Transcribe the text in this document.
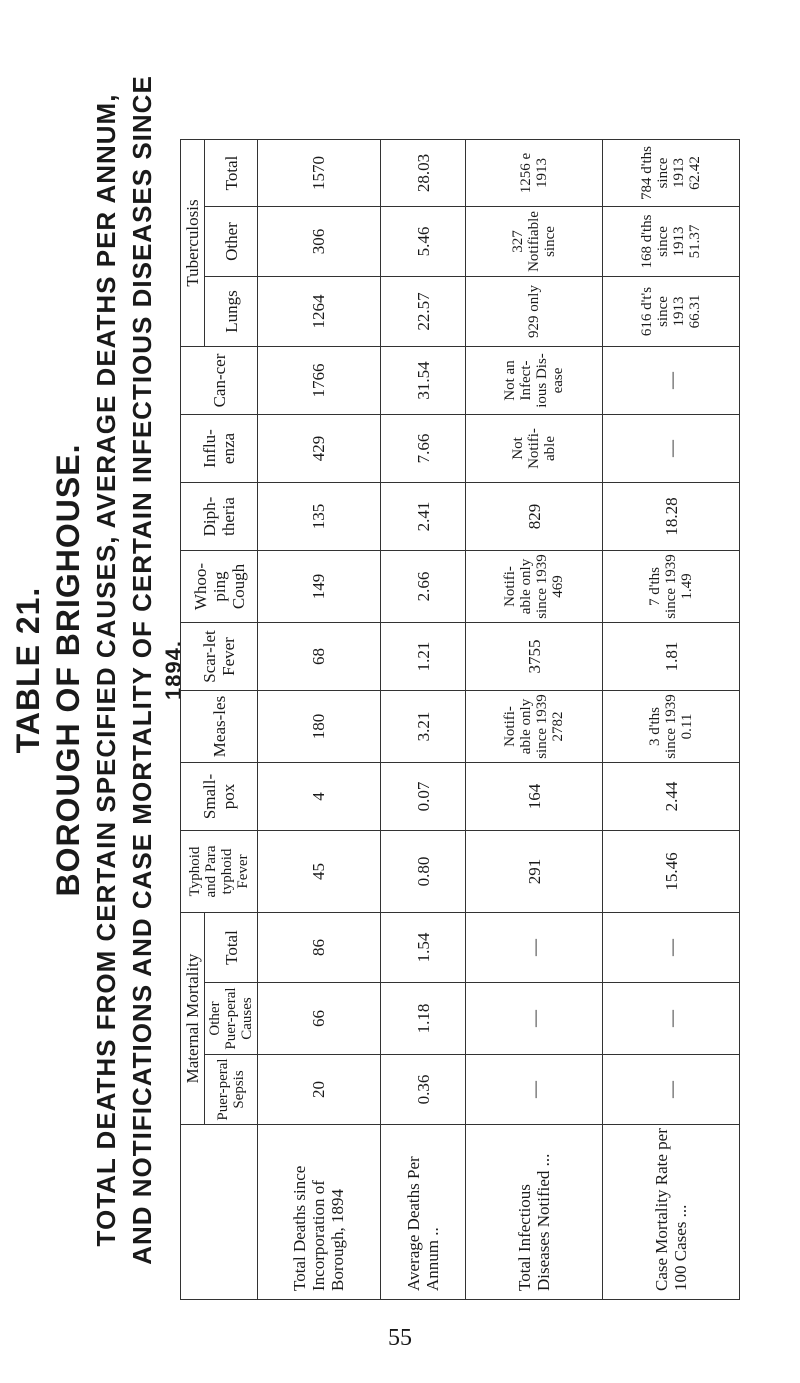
TABLE 21. BOROUGH OF BRIGHOUSE. TOTAL DEATHS FROM CERTAIN SPECIFIED CAUSES, AVERAGE DEATHS PER ANNUM, AND NOTIFICATIONS AND CASE MORTALITY OF CERTAIN INFECTIOUS DISEASES SINCE 1894.
	Maternal Mortality			Typhoid and Para typhoid Fever	Small-pox	Meas-les	Scar-let Fever	Whoo-ping Cough	Diph-theria	Influ-enza	Can-cer	Tuberculosis		
	Puer-peral Sepsis	Other Puer-peral Causes	Total									Lungs	Other	Total
Total Deaths since Incorporation of Borough, 1894	20	66	86	45	4	180	68	149	135	429	1766	1264	306	1570
Average Deaths Per Annum ..	0.36	1.18	1.54	0.80	0.07	3.21	1.21	2.66	2.41	7.66	31.54	22.57	5.46	28.03
Total Infectious Diseases Notified ...	—	—	—	291	164	Notifi-able only since 1939 2782	3755	Notifi-able only since 1939 469	829	Not Notifi-able	Not an Infect-ious Dis-ease	929 only	327 Notifiable since	1256 e 1913
Case Mortality Rate per 100 Cases ...	—	—	—	15.46	2.44	3 d'ths since 1939 0.11	1.81	7 d'ths since 1939 1.49	18.28	—	—	616 d't's since 1913 66.31	168 d'ths since 1913 51.37	784 d'ths since 1913 62.42
55
